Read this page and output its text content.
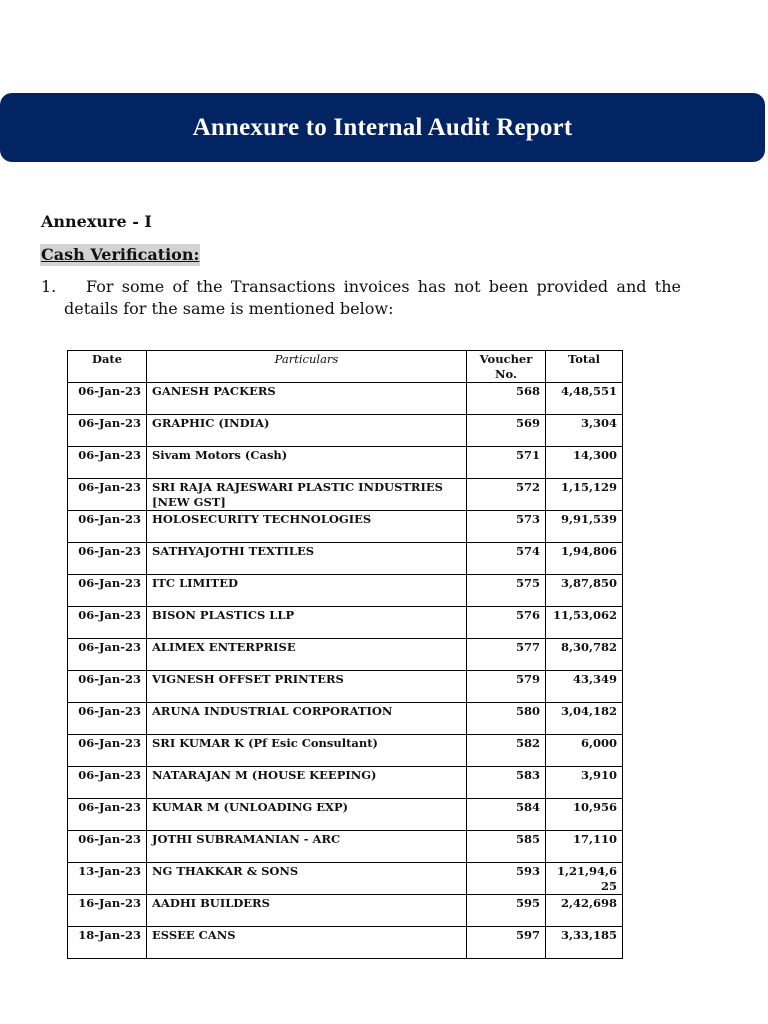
Annexure to Internal Audit Report
Annexure - I
Cash Verification:
1. For some of the Transactions invoices has not been provided and the
details for the same is mentioned below:
Date	Particulars	Voucher No.	Total
06-Jan-23	GANESH PACKERS	568	4,48,551
06-Jan-23	GRAPHIC (INDIA)	569	3,304
06-Jan-23	Sivam Motors (Cash)	571	14,300
06-Jan-23	SRI RAJA RAJESWARI PLASTIC INDUSTRIES [NEW GST]	572	1,15,129
06-Jan-23	HOLOSECURITY TECHNOLOGIES	573	9,91,539
06-Jan-23	SATHYAJOTHI TEXTILES	574	1,94,806
06-Jan-23	ITC LIMITED	575	3,87,850
06-Jan-23	BISON PLASTICS LLP	576	11,53,062
06-Jan-23	ALIMEX ENTERPRISE	577	8,30,782
06-Jan-23	VIGNESH OFFSET PRINTERS	579	43,349
06-Jan-23	ARUNA INDUSTRIAL CORPORATION	580	3,04,182
06-Jan-23	SRI KUMAR K (Pf Esic Consultant)	582	6,000
06-Jan-23	NATARAJAN M (HOUSE KEEPING)	583	3,910
06-Jan-23	KUMAR M (UNLOADING EXP)	584	10,956
06-Jan-23	JOTHI SUBRAMANIAN - ARC	585	17,110
13-Jan-23	NG THAKKAR & SONS	593	1,21,94,625
16-Jan-23	AADHI BUILDERS	595	2,42,698
18-Jan-23	ESSEE CANS	597	3,33,185
